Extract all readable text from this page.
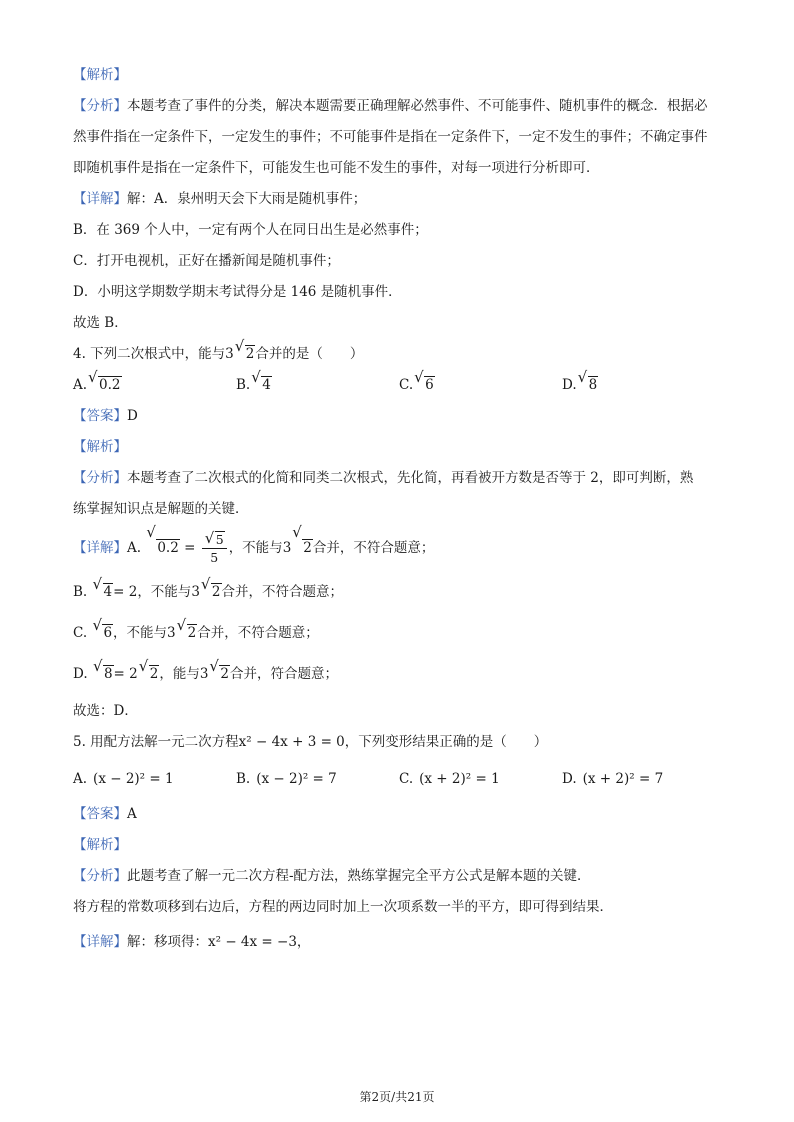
【解析】
【分析】本题考查了事件的分类，解决本题需要正确理解必然事件、不可能事件、随机事件的概念．根据必
然事件指在一定条件下，一定发生的事件；不可能事件是指在一定条件下，一定不发生的事件；不确定事件
即随机事件是指在一定条件下，可能发生也可能不发生的事件，对每一项进行分析即可．
【详解】解：A．泉州明天会下大雨是随机事件；
B．在 369 个人中，一定有两个人在同日出生是必然事件；
C．打开电视机，正好在播新闻是随机事件；
D．小明这学期数学期末考试得分是 146 是随机事件．
故选 B．
4. 下列二次根式中，能与3 √ 2合并的是（　　）
A. √ 0.2	B. √ 4	C. √ 6	D. √ 8
【答案】D
【解析】
【分析】本题考查了二次根式的化简和同类二次根式，先化简，再看被开方数是否等于 2，即可判断，熟
练掌握知识点是解题的关键．
【详解】A.
√
$0.2 = \frac{√ 5}{5}$ ，不能与3
√
2合并，不符合题意；
B. √ 4= 2，不能与3 √ 2合并，不符合题意；
C. √ 6，不能与3 √ 2合并，不符合题意；
D. √ 8= 2 √ 2，能与3 √ 2合并，符合题意；
故选：D．
5. 用配方法解一元二次方程x² − 4x + 3 = 0，下列变形结果正确的是（　　）
A. (x − 2)² = 1	B. (x − 2)² = 7	C. (x + 2)² = 1	D. (x + 2)² = 7
【答案】A
【解析】
【分析】此题考查了解一元二次方程-配方法，熟练掌握完全平方公式是解本题的关键．
将方程的常数项移到右边后，方程的两边同时加上一次项系数一半的平方，即可得到结果．
【详解】解：移项得：x² − 4x = −3，
第2页/共21页
